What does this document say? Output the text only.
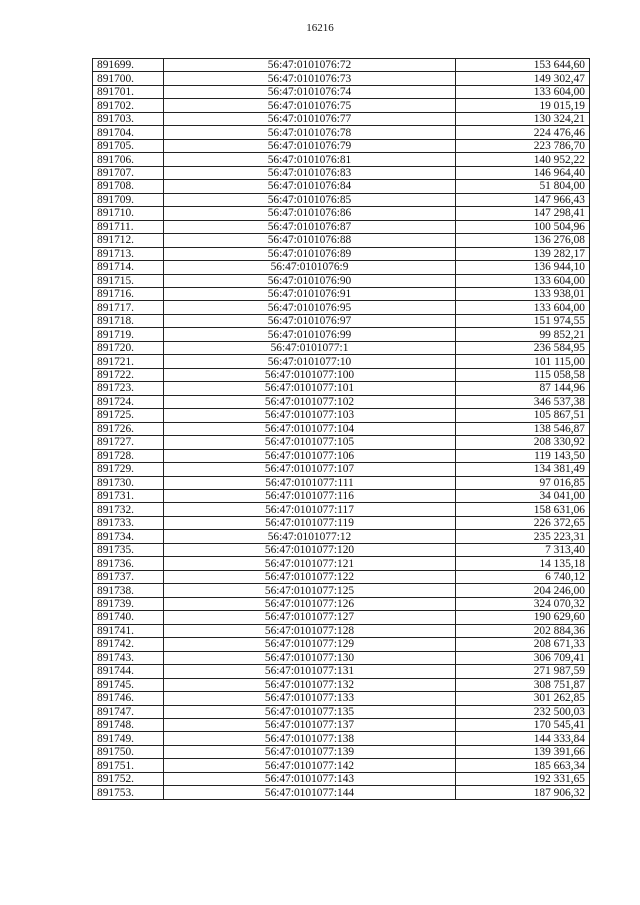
16216
891699.	56:47:0101076:72	153 644,60
891700.	56:47:0101076:73	149 302,47
891701.	56:47:0101076:74	133 604,00
891702.	56:47:0101076:75	19 015,19
891703.	56:47:0101076:77	130 324,21
891704.	56:47:0101076:78	224 476,46
891705.	56:47:0101076:79	223 786,70
891706.	56:47:0101076:81	140 952,22
891707.	56:47:0101076:83	146 964,40
891708.	56:47:0101076:84	51 804,00
891709.	56:47:0101076:85	147 966,43
891710.	56:47:0101076:86	147 298,41
891711.	56:47:0101076:87	100 504,96
891712.	56:47:0101076:88	136 276,08
891713.	56:47:0101076:89	139 282,17
891714.	56:47:0101076:9	136 944,10
891715.	56:47:0101076:90	133 604,00
891716.	56:47:0101076:91	133 938,01
891717.	56:47:0101076:95	133 604,00
891718.	56:47:0101076:97	151 974,55
891719.	56:47:0101076:99	99 852,21
891720.	56:47:0101077:1	236 584,95
891721.	56:47:0101077:10	101 115,00
891722.	56:47:0101077:100	115 058,58
891723.	56:47:0101077:101	87 144,96
891724.	56:47:0101077:102	346 537,38
891725.	56:47:0101077:103	105 867,51
891726.	56:47:0101077:104	138 546,87
891727.	56:47:0101077:105	208 330,92
891728.	56:47:0101077:106	119 143,50
891729.	56:47:0101077:107	134 381,49
891730.	56:47:0101077:111	97 016,85
891731.	56:47:0101077:116	34 041,00
891732.	56:47:0101077:117	158 631,06
891733.	56:47:0101077:119	226 372,65
891734.	56:47:0101077:12	235 223,31
891735.	56:47:0101077:120	7 313,40
891736.	56:47:0101077:121	14 135,18
891737.	56:47:0101077:122	6 740,12
891738.	56:47:0101077:125	204 246,00
891739.	56:47:0101077:126	324 070,32
891740.	56:47:0101077:127	190 629,60
891741.	56:47:0101077:128	202 884,36
891742.	56:47:0101077:129	208 671,33
891743.	56:47:0101077:130	306 709,41
891744.	56:47:0101077:131	271 987,59
891745.	56:47:0101077:132	308 751,87
891746.	56:47:0101077:133	301 262,85
891747.	56:47:0101077:135	232 500,03
891748.	56:47:0101077:137	170 545,41
891749.	56:47:0101077:138	144 333,84
891750.	56:47:0101077:139	139 391,66
891751.	56:47:0101077:142	185 663,34
891752.	56:47:0101077:143	192 331,65
891753.	56:47:0101077:144	187 906,32
